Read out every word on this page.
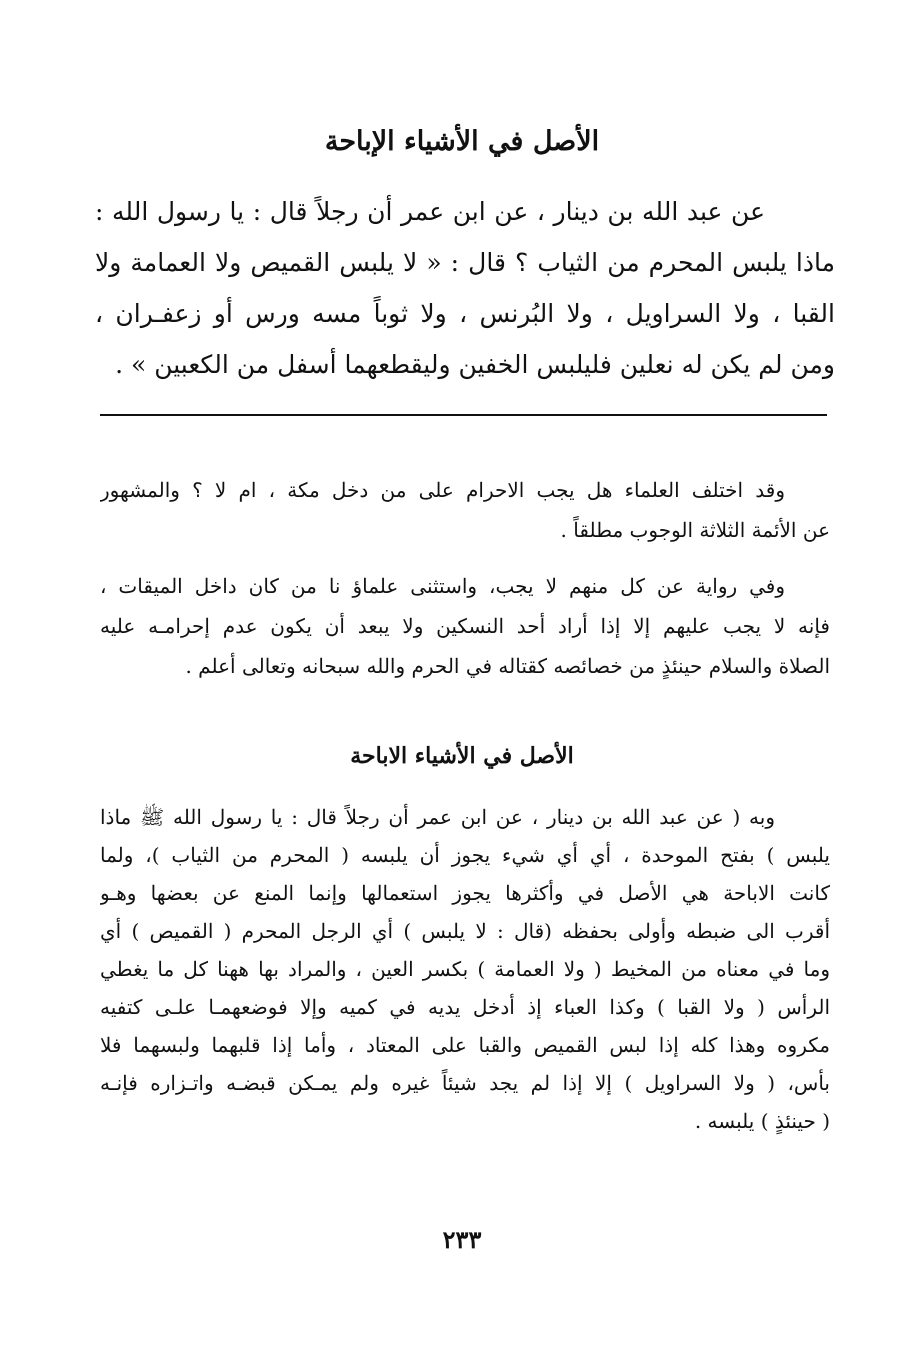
الأصل في الأشياء الإباحة
عن عبد الله بن دينار ، عن ابن عمر أن رجلاً قال : يا رسول الله :
ماذا يلبس المحرم من الثياب ؟ قال : « لا يلبس القميص ولا العمامة ولا
القبا ، ولا السراويل ، ولا البُرنس ، ولا ثوباً مسه ورس أو زعفـران ،
ومن لم يكن له نعلين فليلبس الخفين وليقطعهما أسفل من الكعبين » .
وقد اختلف العلماء هل يجب الاحرام على من دخل مكة ، ام لا ؟ والمشهور
عن الأئمة الثلاثة الوجوب مطلقاً .
وفي رواية عن كل منهم لا يجب، واستثنى علماؤ نا من كان داخل الميقات ،
فإنه لا يجب عليهم إلا إذا أراد أحد النسكين ولا يبعد أن يكون عدم إحرامـه عليه
الصلاة والسلام حينئذٍ من خصائصه كقتاله في الحرم والله سبحانه وتعالى أعلم .
الأصل في الأشياء الاباحة
وبه ( عن عبد الله بن دينار ، عن ابن عمر أن رجلاً قال : يا رسول الله ﷺ ماذا
يلبس ) بفتح الموحدة ، أي أي شيء يجوز أن يلبسه ( المحرم من الثياب )، ولما
كانت الاباحة هي الأصل في وأكثرها يجوز استعمالها وإنما المنع عن بعضها وهـو
أقرب الى ضبطه وأولى بحفظه (قال : لا يلبس ) أي الرجل المحرم ( القميص ) أي
وما في معناه من المخيط ( ولا العمامة ) بكسر العين ، والمراد بها ههنا كل ما يغطي
الرأس ( ولا القبا ) وكذا العباء إذ أدخل يديه في كميه وإلا فوضعهمـا علـى كتفيه
مكروه وهذا كله إذا لبس القميص والقبا على المعتاد ، وأما إذا قلبهما ولبسهما فلا
بأس، ( ولا السراويل ) إلا إذا لم يجد شيئاً غيره ولم يمـكن قبضـه واتـزاره فإنـه
( حينئذٍ ) يلبسه .
٢٣٣
